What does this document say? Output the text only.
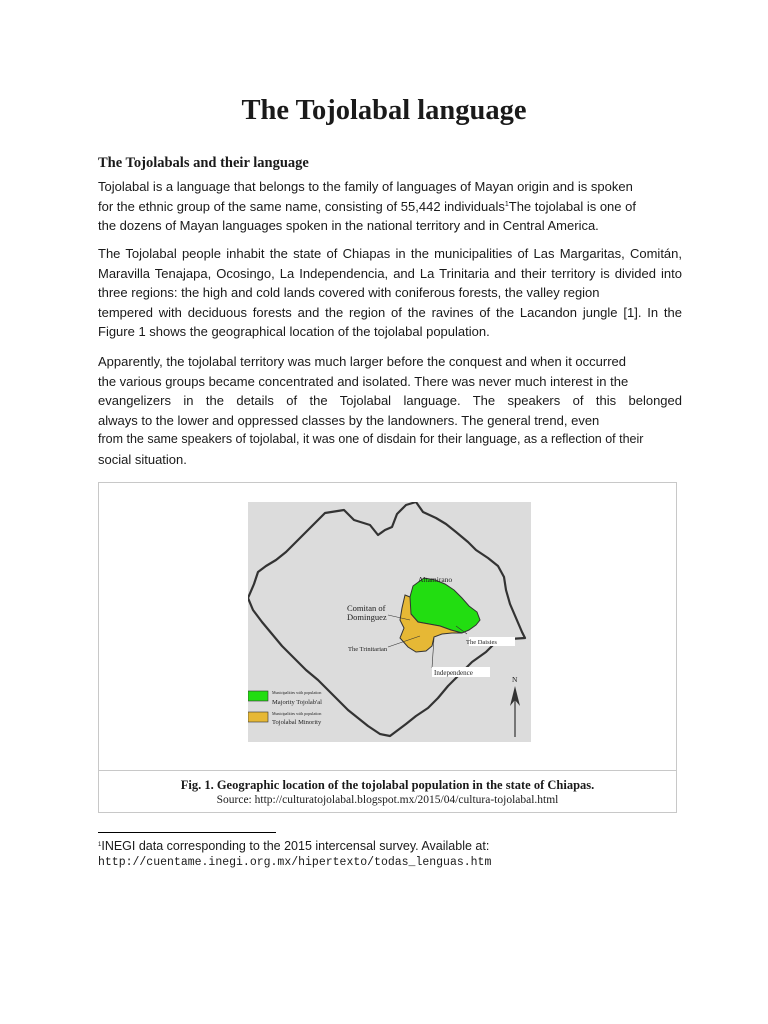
The Tojolabal language
The Tojolabals and their language

Tojolabal is a language that belongs to the family of languages of Mayan origin and is spoken
for the ethnic group of the same name, consisting of 55,442 individuals$^1$The tojolabal is one of
the dozens of Mayan languages spoken in the national territory and in Central America.

The Tojolabal people inhabit the state of Chiapas in the municipalities of Las Margaritas, Comitán,
Maravilla Tenajapa, Ocosingo, La Independencia, and La Trinitaria and their territory is divided into
three regions: the high and cold lands covered with coniferous forests, the valley region
tempered with deciduous forests and the region of the ravines of the Lacandon jungle [1]. In the
Figure 1 shows the geographical location of the tojolabal population.

Apparently, the tojolabal territory was much larger before the conquest and when it occurred
the various groups became concentrated and isolated. There was never much interest in the
evangelizers in the details of the Tojolabal language. The speakers of this belonged
always to the lower and oppressed classes by the landowners. The general trend, even
from the same speakers of tojolabal, it was one of disdain for their language, as a reflection of their
social situation.

Altamirano
Comitan of
Dominguez
The Daisies
The Trinitarian
Independence
N
Municipalities with population
Majority Tojolab'al
Municipalities with population
Tojolabal Minority

Fig. 1. Geographic location of the tojolabal population in the state of Chiapas.

Source: http://culturatojolabal.blogspot.mx/2015/04/cultura-tojolabal.html

$^1$INEGI data corresponding to the 2015 intercensal survey. Available at:

http://cuentame.inegi.org.mx/hipertexto/todas_lenguas.htm
